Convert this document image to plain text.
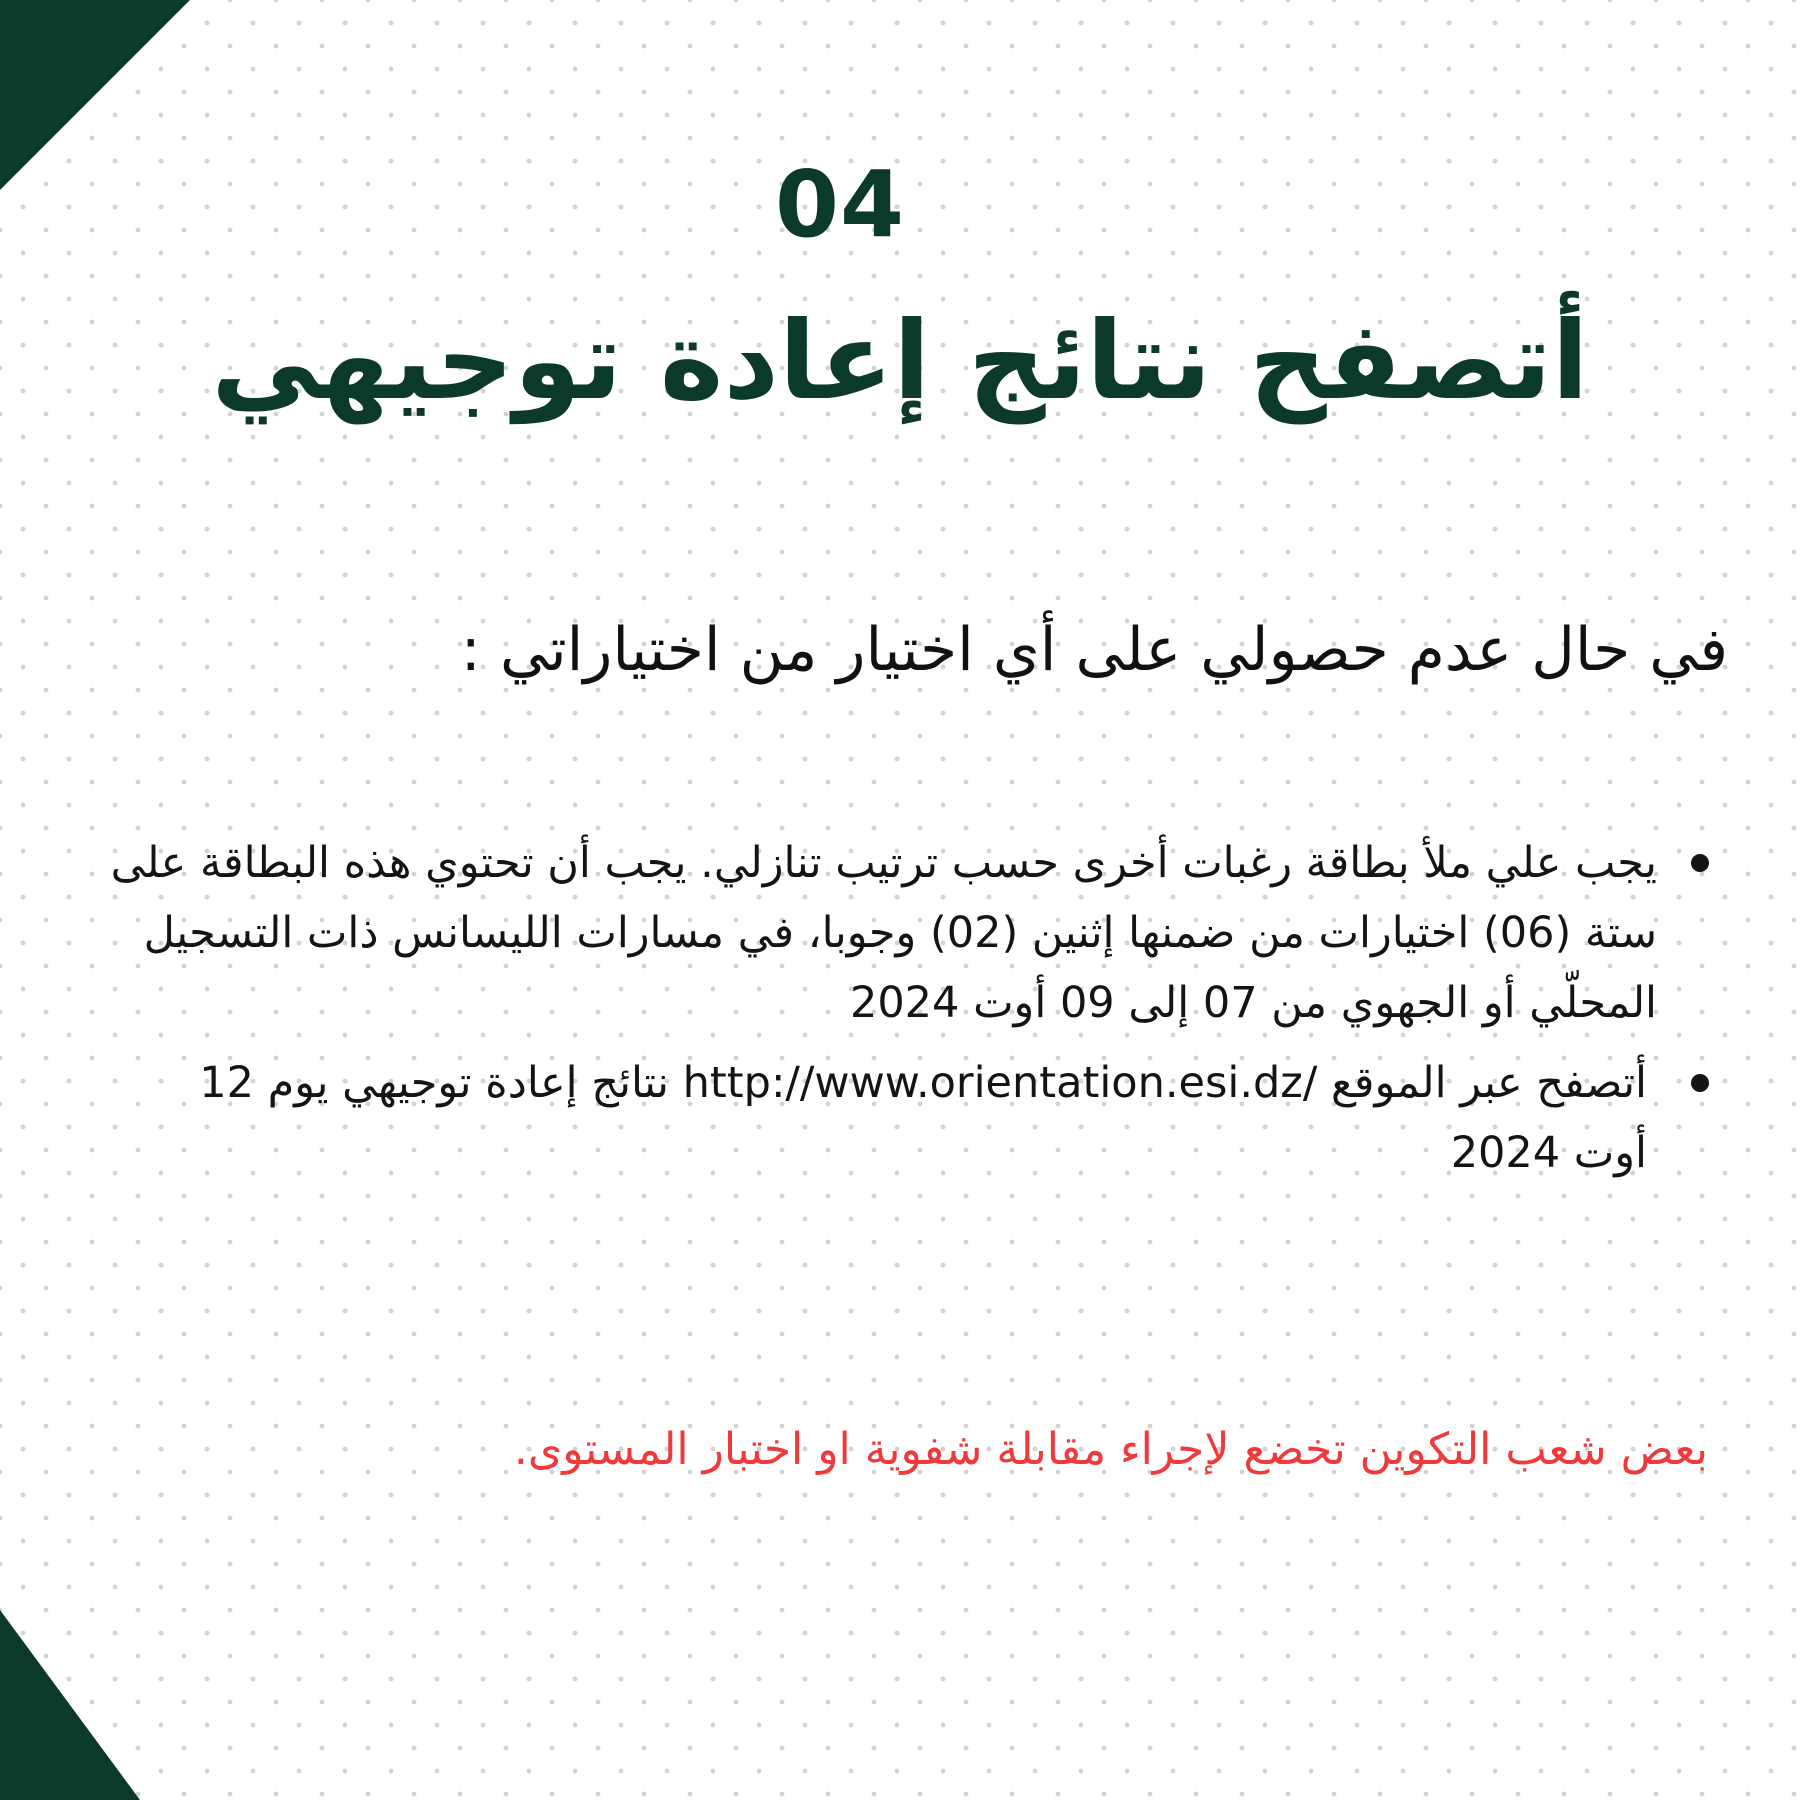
04
أتصفح نتائج إعادة توجيهي
في حال عدم حصولي على أي اختيار من اختياراتي :
يجب علي ملأ بطاقة رغبات أخرى حسب ترتيب تنازلي. يجب أن تحتوي هذه البطاقة على ستة (06) اختيارات من ضمنها إثنين (02) وجوبا، في مسارات الليسانس ذات التسجيل المحلّي أو الجهوي من 07 إلى 09 أوت 2024
أتصفح عبر الموقع http://www.orientation.esi.dz/ نتائج إعادة توجيهي يوم 12 أوت 2024
بعض شعب التكوين تخضع لإجراء مقابلة شفوية او اختبار المستوى.
